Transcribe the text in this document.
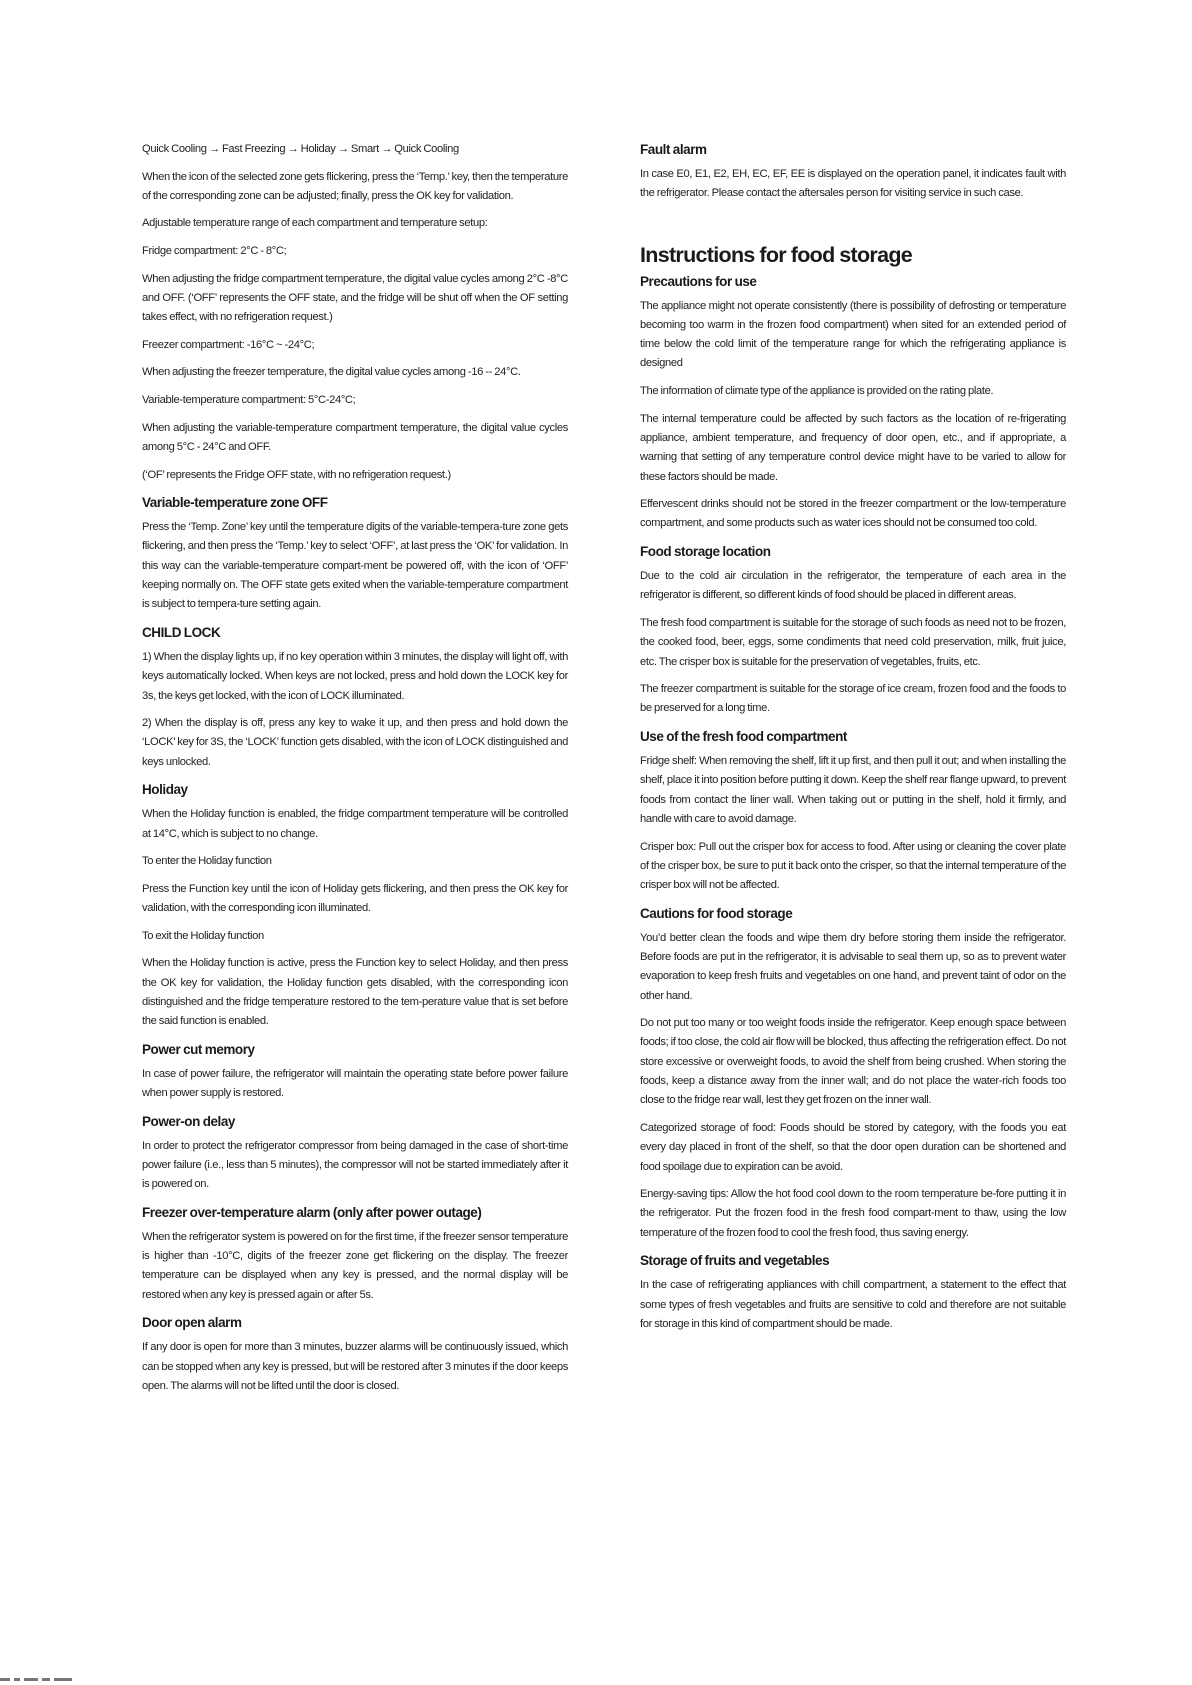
Quick Cooling → Fast Freezing → Holiday → Smart → Quick Cooling

When the icon of the selected zone gets flickering, press the ‘Temp.’ key, then the temperature of the corresponding zone can be adjusted; finally, press the OK key for validation.

Adjustable temperature range of each compartment and temperature setup:

Fridge compartment: 2°C - 8°C;

When adjusting the fridge compartment temperature, the digital value cycles among 2°C -8°C and OFF. (‘OFF’ represents the OFF state, and the fridge will be shut off when the OF setting takes effect, with no refrigeration request.)

Freezer compartment: -16°C ~ -24°C;

When adjusting the freezer temperature, the digital value cycles among -16 -- 24°C.

Variable-temperature compartment: 5°C-24°C;

When adjusting the variable-temperature compartment temperature, the digital value cycles among 5°C - 24°C and OFF.

(‘OF’ represents the Fridge OFF state, with no refrigeration request.)

Variable-temperature zone OFF

Press the ‘Temp. Zone’ key until the temperature digits of the variable-tempera-ture zone gets flickering, and then press the ‘Temp.’ key to select ‘OFF’, at last press the ‘OK’ for validation. In this way can the variable-temperature compart-ment be powered off, with the icon of ‘OFF’ keeping normally on. The OFF state gets exited when the variable-temperature compartment is subject to tempera-ture setting again.

CHILD LOCK

1) When the display lights up, if no key operation within 3 minutes, the display will light off, with keys automatically locked. When keys are not locked, press and hold down the LOCK key for 3s, the keys get locked, with the icon of LOCK illuminated.

2) When the display is off, press any key to wake it up, and then press and hold down the ‘LOCK’ key for 3S, the ‘LOCK’ function gets disabled, with the icon of LOCK distinguished and keys unlocked.

Holiday

When the Holiday function is enabled, the fridge compartment temperature will be controlled at 14°C, which is subject to no change.

To enter the Holiday function

Press the Function key until the icon of Holiday gets flickering, and then press the OK key for validation, with the corresponding icon illuminated.

To exit the Holiday function

When the Holiday function is active, press the Function key to select Holiday, and then press the OK key for validation, the Holiday function gets disabled, with the corresponding icon distinguished and the fridge temperature restored to the tem-perature value that is set before the said function is enabled.

Power cut memory

In case of power failure, the refrigerator will maintain the operating state before power failure when power supply is restored.

Power-on delay

In order to protect the refrigerator compressor from being damaged in the case of short-time power failure (i.e., less than 5 minutes), the compressor will not be started immediately after it is powered on.

Freezer over-temperature alarm (only after power outage)

When the refrigerator system is powered on for the first time, if the freezer sensor temperature is higher than -10°C, digits of the freezer zone get flickering on the display. The freezer temperature can be displayed when any key is pressed, and the normal display will be restored when any key is pressed again or after 5s.

Door open alarm

If any door is open for more than 3 minutes, buzzer alarms will be continuously issued, which can be stopped when any key is pressed, but will be restored after 3 minutes if the door keeps open. The alarms will not be lifted until the door is closed.

Fault alarm

In case E0, E1, E2, EH, EC, EF, EE is displayed on the operation panel, it indicates fault with the refrigerator. Please contact the aftersales person for visiting service in such case.

Instructions for food storage
Precautions for use

The appliance might not operate consistently (there is possibility of defrosting or temperature becoming too warm in the frozen food compartment) when sited for an extended period of time below the cold limit of the temperature range for which the refrigerating appliance is designed

The information of climate type of the appliance is provided on the rating plate.

The internal temperature could be affected by such factors as the location of re-frigerating appliance, ambient temperature, and frequency of door open, etc., and if appropriate, a warning that setting of any temperature control device might have to be varied to allow for these factors should be made.

Effervescent drinks should not be stored in the freezer compartment or the low-temperature compartment, and some products such as water ices should not be consumed too cold.

Food storage location

Due to the cold air circulation in the refrigerator, the temperature of each area in the refrigerator is different, so different kinds of food should be placed in different areas.

The fresh food compartment is suitable for the storage of such foods as need not to be frozen, the cooked food, beer, eggs, some condiments that need cold preservation, milk, fruit juice, etc. The crisper box is suitable for the preservation of vegetables, fruits, etc.

The freezer compartment is suitable for the storage of ice cream, frozen food and the foods to be preserved for a long time.

Use of the fresh food compartment

Fridge shelf: When removing the shelf, lift it up first, and then pull it out; and when installing the shelf, place it into position before putting it down. Keep the shelf rear flange upward, to prevent foods from contact the liner wall. When taking out or putting in the shelf, hold it firmly, and handle with care to avoid damage.

Crisper box: Pull out the crisper box for access to food. After using or cleaning the cover plate of the crisper box, be sure to put it back onto the crisper, so that the internal temperature of the crisper box will not be affected.

Cautions for food storage

You’d better clean the foods and wipe them dry before storing them inside the refrigerator. Before foods are put in the refrigerator, it is advisable to seal them up, so as to prevent water evaporation to keep fresh fruits and vegetables on one hand, and prevent taint of odor on the other hand.

Do not put too many or too weight foods inside the refrigerator. Keep enough space between foods; if too close, the cold air flow will be blocked, thus affecting the refrigeration effect. Do not store excessive or overweight foods, to avoid the shelf from being crushed. When storing the foods, keep a distance away from the inner wall; and do not place the water-rich foods too close to the fridge rear wall, lest they get frozen on the inner wall.

Categorized storage of food: Foods should be stored by category, with the foods you eat every day placed in front of the shelf, so that the door open duration can be shortened and food spoilage due to expiration can be avoid.

Energy-saving tips: Allow the hot food cool down to the room temperature be-fore putting it in the refrigerator. Put the frozen food in the fresh food compart-ment to thaw, using the low temperature of the frozen food to cool the fresh food, thus saving energy.

Storage of fruits and vegetables

In the case of refrigerating appliances with chill compartment, a statement to the effect that some types of fresh vegetables and fruits are sensitive to cold and therefore are not suitable for storage in this kind of compartment should be made.
